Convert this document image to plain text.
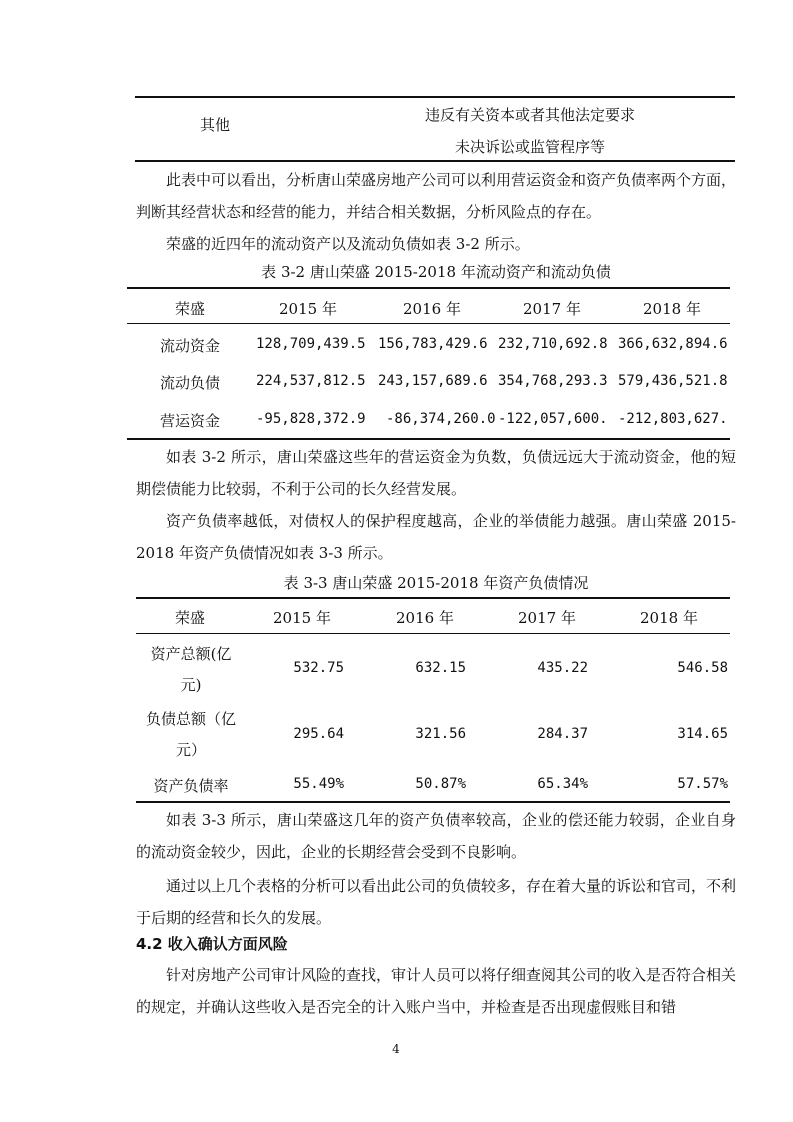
其他
违反有关资本或者其他法定要求
未决诉讼或监管程序等
此表中可以看出，分析唐山荣盛房地产公司可以利用营运资金和资产负债率两个方面，判断其经营状态和经营的能力，并结合相关数据，分析风险点的存在。
荣盛的近四年的流动资产以及流动负债如表 3-2 所示。
表 3-2 唐山荣盛 2015-2018 年流动资产和流动负债
荣盛	2015 年	2016 年	2017 年	2018 年
流动资金	128,709,439.5 156,783,429.6 232,710,692.8 366,632,894.6
流动负债	224,537,812.5 243,157,689.6 354,768,293.3 579,436,521.8
营运资金	-95,828,372.9 -86,374,260.0 -122,057,600. -212,803,627.
如表 3-2 所示，唐山荣盛这些年的营运资金为负数，负债远远大于流动资金，他的短期偿债能力比较弱，不利于公司的长久经营发展。
资产负债率越低，对债权人的保护程度越高，企业的举债能力越强。唐山荣盛 2015-2018 年资产负债情况如表 3-3 所示。
表 3-3 唐山荣盛 2015-2018 年资产负债情况
荣盛	2015 年	2016 年	2017 年	2018 年
资产总额(亿
元)
532.75	632.15	435.22	546.58
负债总额（亿
元）
295.64	321.56	284.37	314.65
资产负债率	55.49%	50.87%	65.34%	57.57%
如表 3-3 所示，唐山荣盛这几年的资产负债率较高，企业的偿还能力较弱，企业自身的流动资金较少，因此，企业的长期经营会受到不良影响。
通过以上几个表格的分析可以看出此公司的负债较多，存在着大量的诉讼和官司，不利于后期的经营和长久的发展。
4.2 收入确认方面风险
针对房地产公司审计风险的查找，审计人员可以将仔细查阅其公司的收入是否符合相关的规定，并确认这些收入是否完全的计入账户当中，并检查是否出现虚假账目和错
4
